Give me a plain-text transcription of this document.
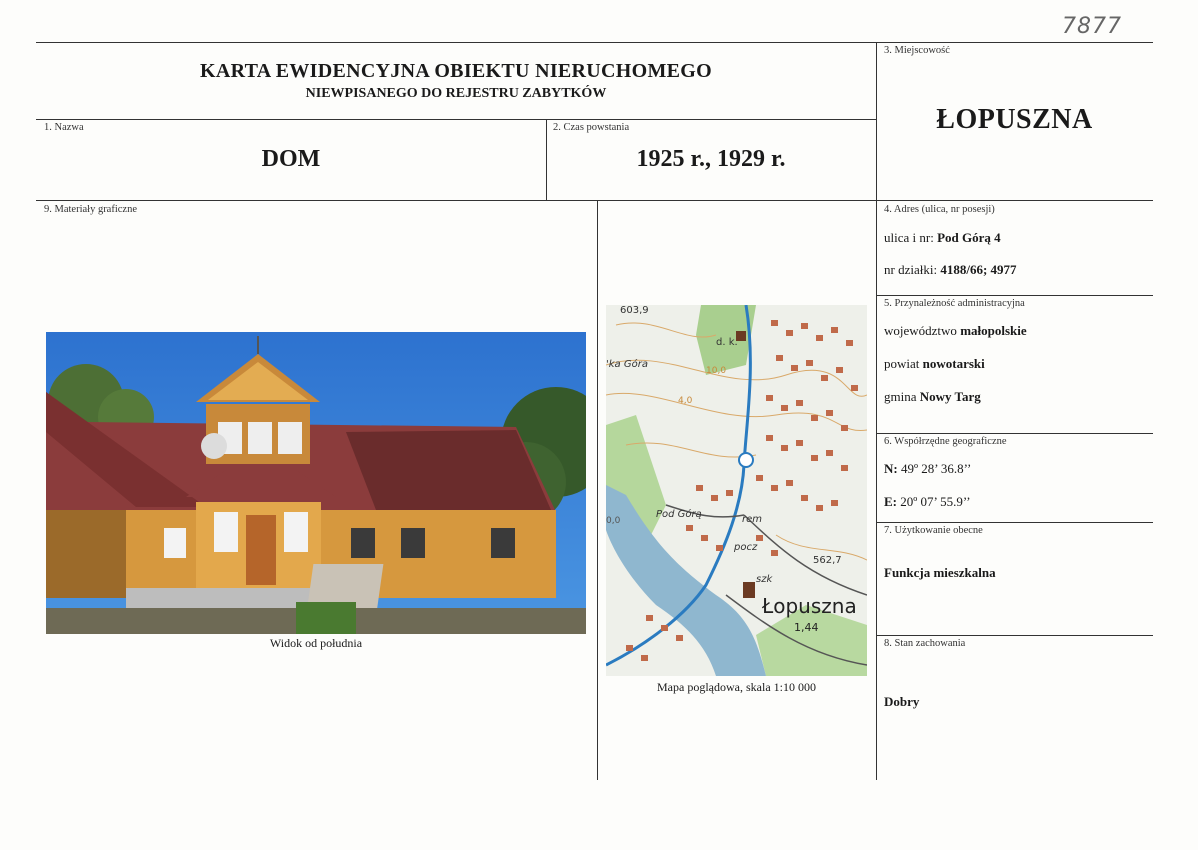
7877
KARTA EWIDENCYJNA OBIEKTU NIERUCHOMEGO
NIEWPISANEGO DO REJESTRU ZABYTKÓW
3. Miejscowość
ŁOPUSZNA
1. Nazwa
DOM
2. Czas powstania
1925 r., 1929 r.
9. Materiały graficzne
Widok od południa
603,9
'ka Góra
d. k.
10,0
4,0
0,0
Pod Górą	rem
pocz
562,7
szk
Łopuszna
1,44
Mapa poglądowa, skala 1:10 000
4. Adres (ulica, nr posesji)
ulica i nr: Pod Górą 4
nr działki: 4188/66; 4977
5. Przynależność administracyjna
województwo małopolskie
powiat nowotarski
gmina Nowy Targ
6. Współrzędne geograficzne
N: 49º 28’ 36.8’’
E: 20º 07’ 55.9’’
7. Użytkowanie obecne
Funkcja mieszkalna
8. Stan zachowania
Dobry
